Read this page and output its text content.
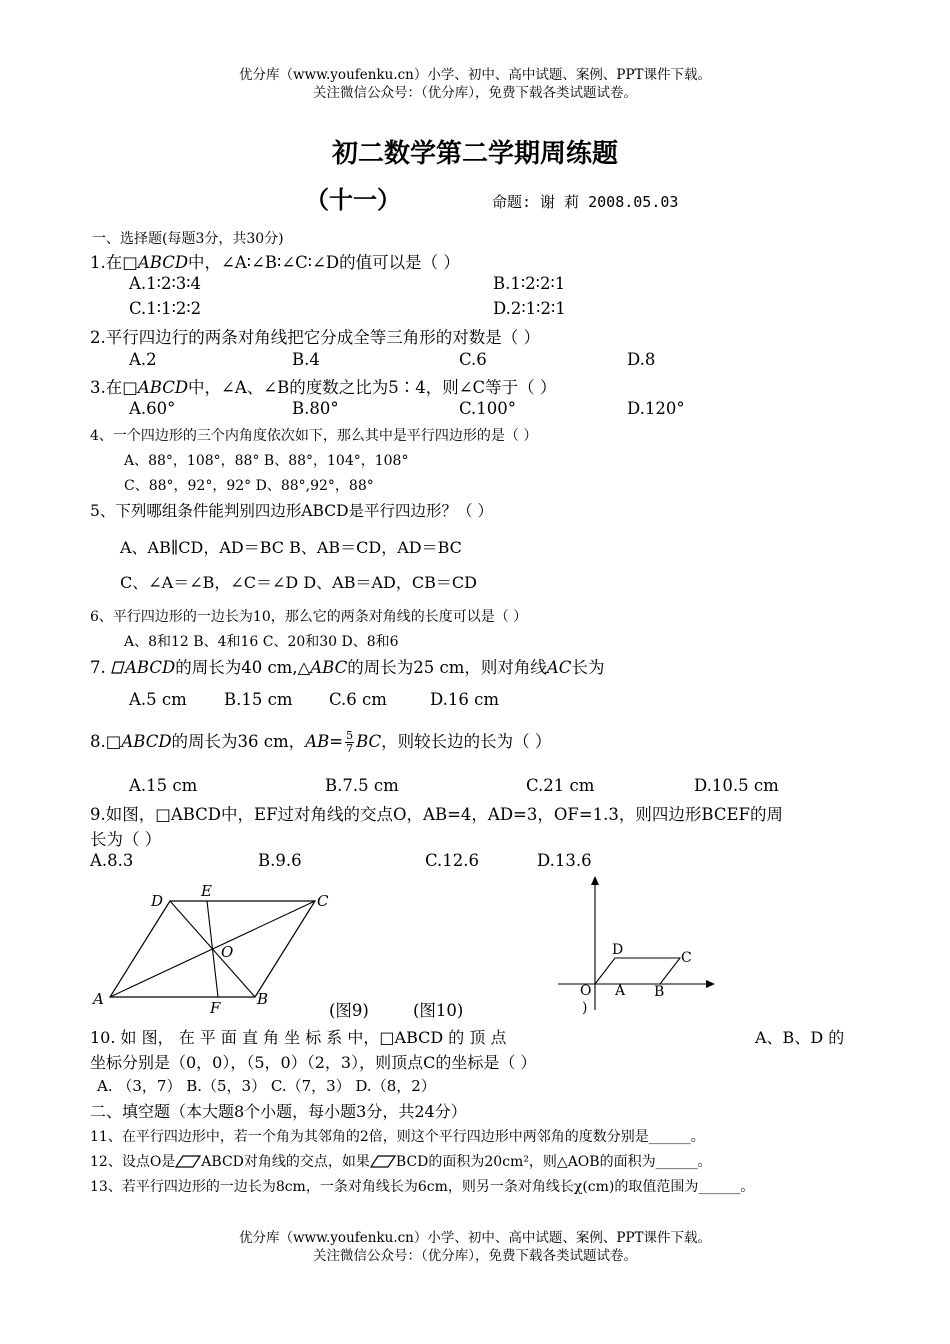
优分库（www.youfenku.cn）小学、初中、高中试题、案例、PPT课件下载。
关注微信公众号：（优分库），免费下载各类试题试卷。
初二数学第二学期周练题
（十一）	命题: 谢 莉 2008.05.03
一、选择题(每题3分，共30分)
1.在□ABCD中，∠A∶∠B∶∠C∶∠D的值可以是（ ）
A.1∶2∶3∶4	B.1∶2∶2∶1
C.1∶1∶2∶2	D.2∶1∶2∶1
2.平行四边行的两条对角线把它分成全等三角形的对数是（ ）
A.2	B.4	C.6	D.8
3.在□ABCD中，∠A、∠B的度数之比为5∶4，则∠C等于（ ）
A.60°	B.80°	C.100°	D.120°
4、一个四边形的三个内角度依次如下，那么其中是平行四边形的是（ ）
A、88°，108°，88° B、88°，104°，108°
C、88°，92°，92° D、88°,92°，88°
5、下列哪组条件能判别四边形ABCD是平行四边形？（ ）
A、AB∥CD，AD＝BC B、AB＝CD，AD＝BC
C、∠A＝∠B，∠C＝∠D D、AB＝AD，CB＝CD
6、平行四边形的一边长为10，那么它的两条对角线的长度可以是（ ）
A、8和12 B、4和16 C、20和30 D、8和6
7. ABCD的周长为40 cm,△ABC的周长为25 cm，则对角线AC长为
A.5 cm B.15 cm C.6 cm	D.16 cm
8.□ABCD的周长为36 cm，$AB= \frac{5}{7}$ BC，则较长边的长为（ ）
A.15 cm	B.7.5 cm	C.21 cm	D.10.5 cm
9.如图，□ABCD中，EF过对角线的交点O，AB=4，AD=3，OF=1.3，则四边形BCEF的周
长为（ ）
A.8.3	B.9.6	C.12.6	D.13.6
A	B
C
D
E
F
O
(图9)	(图10)
O A B
C
D
)
10. 如 图， 在 平 面 直 角 坐 标 系 中，□ABCD 的 顶 点	A、B、D 的
坐标分别是（0，0），（5，0）（2，3），则顶点C的坐标是（ ）
A. （3，7） B.（5，3） C.（7，3） D.（8，2）
二、填空题（本大题8个小题，每小题3分，共24分）
11、在平行四边形中，若一个角为其邻角的2倍，则这个平行四边形中两邻角的度数分别是______。
12、设点O是 ABCD对角线的交点，如果 BCD的面积为20cm²，则△AOB的面积为______。
13、若平行四边形的一边长为8cm，一条对角线长为6cm，则另一条对角线长χ(cm)的取值范围为______。
优分库（www.youfenku.cn）小学、初中、高中试题、案例、PPT课件下载。
关注微信公众号：（优分库），免费下载各类试题试卷。
